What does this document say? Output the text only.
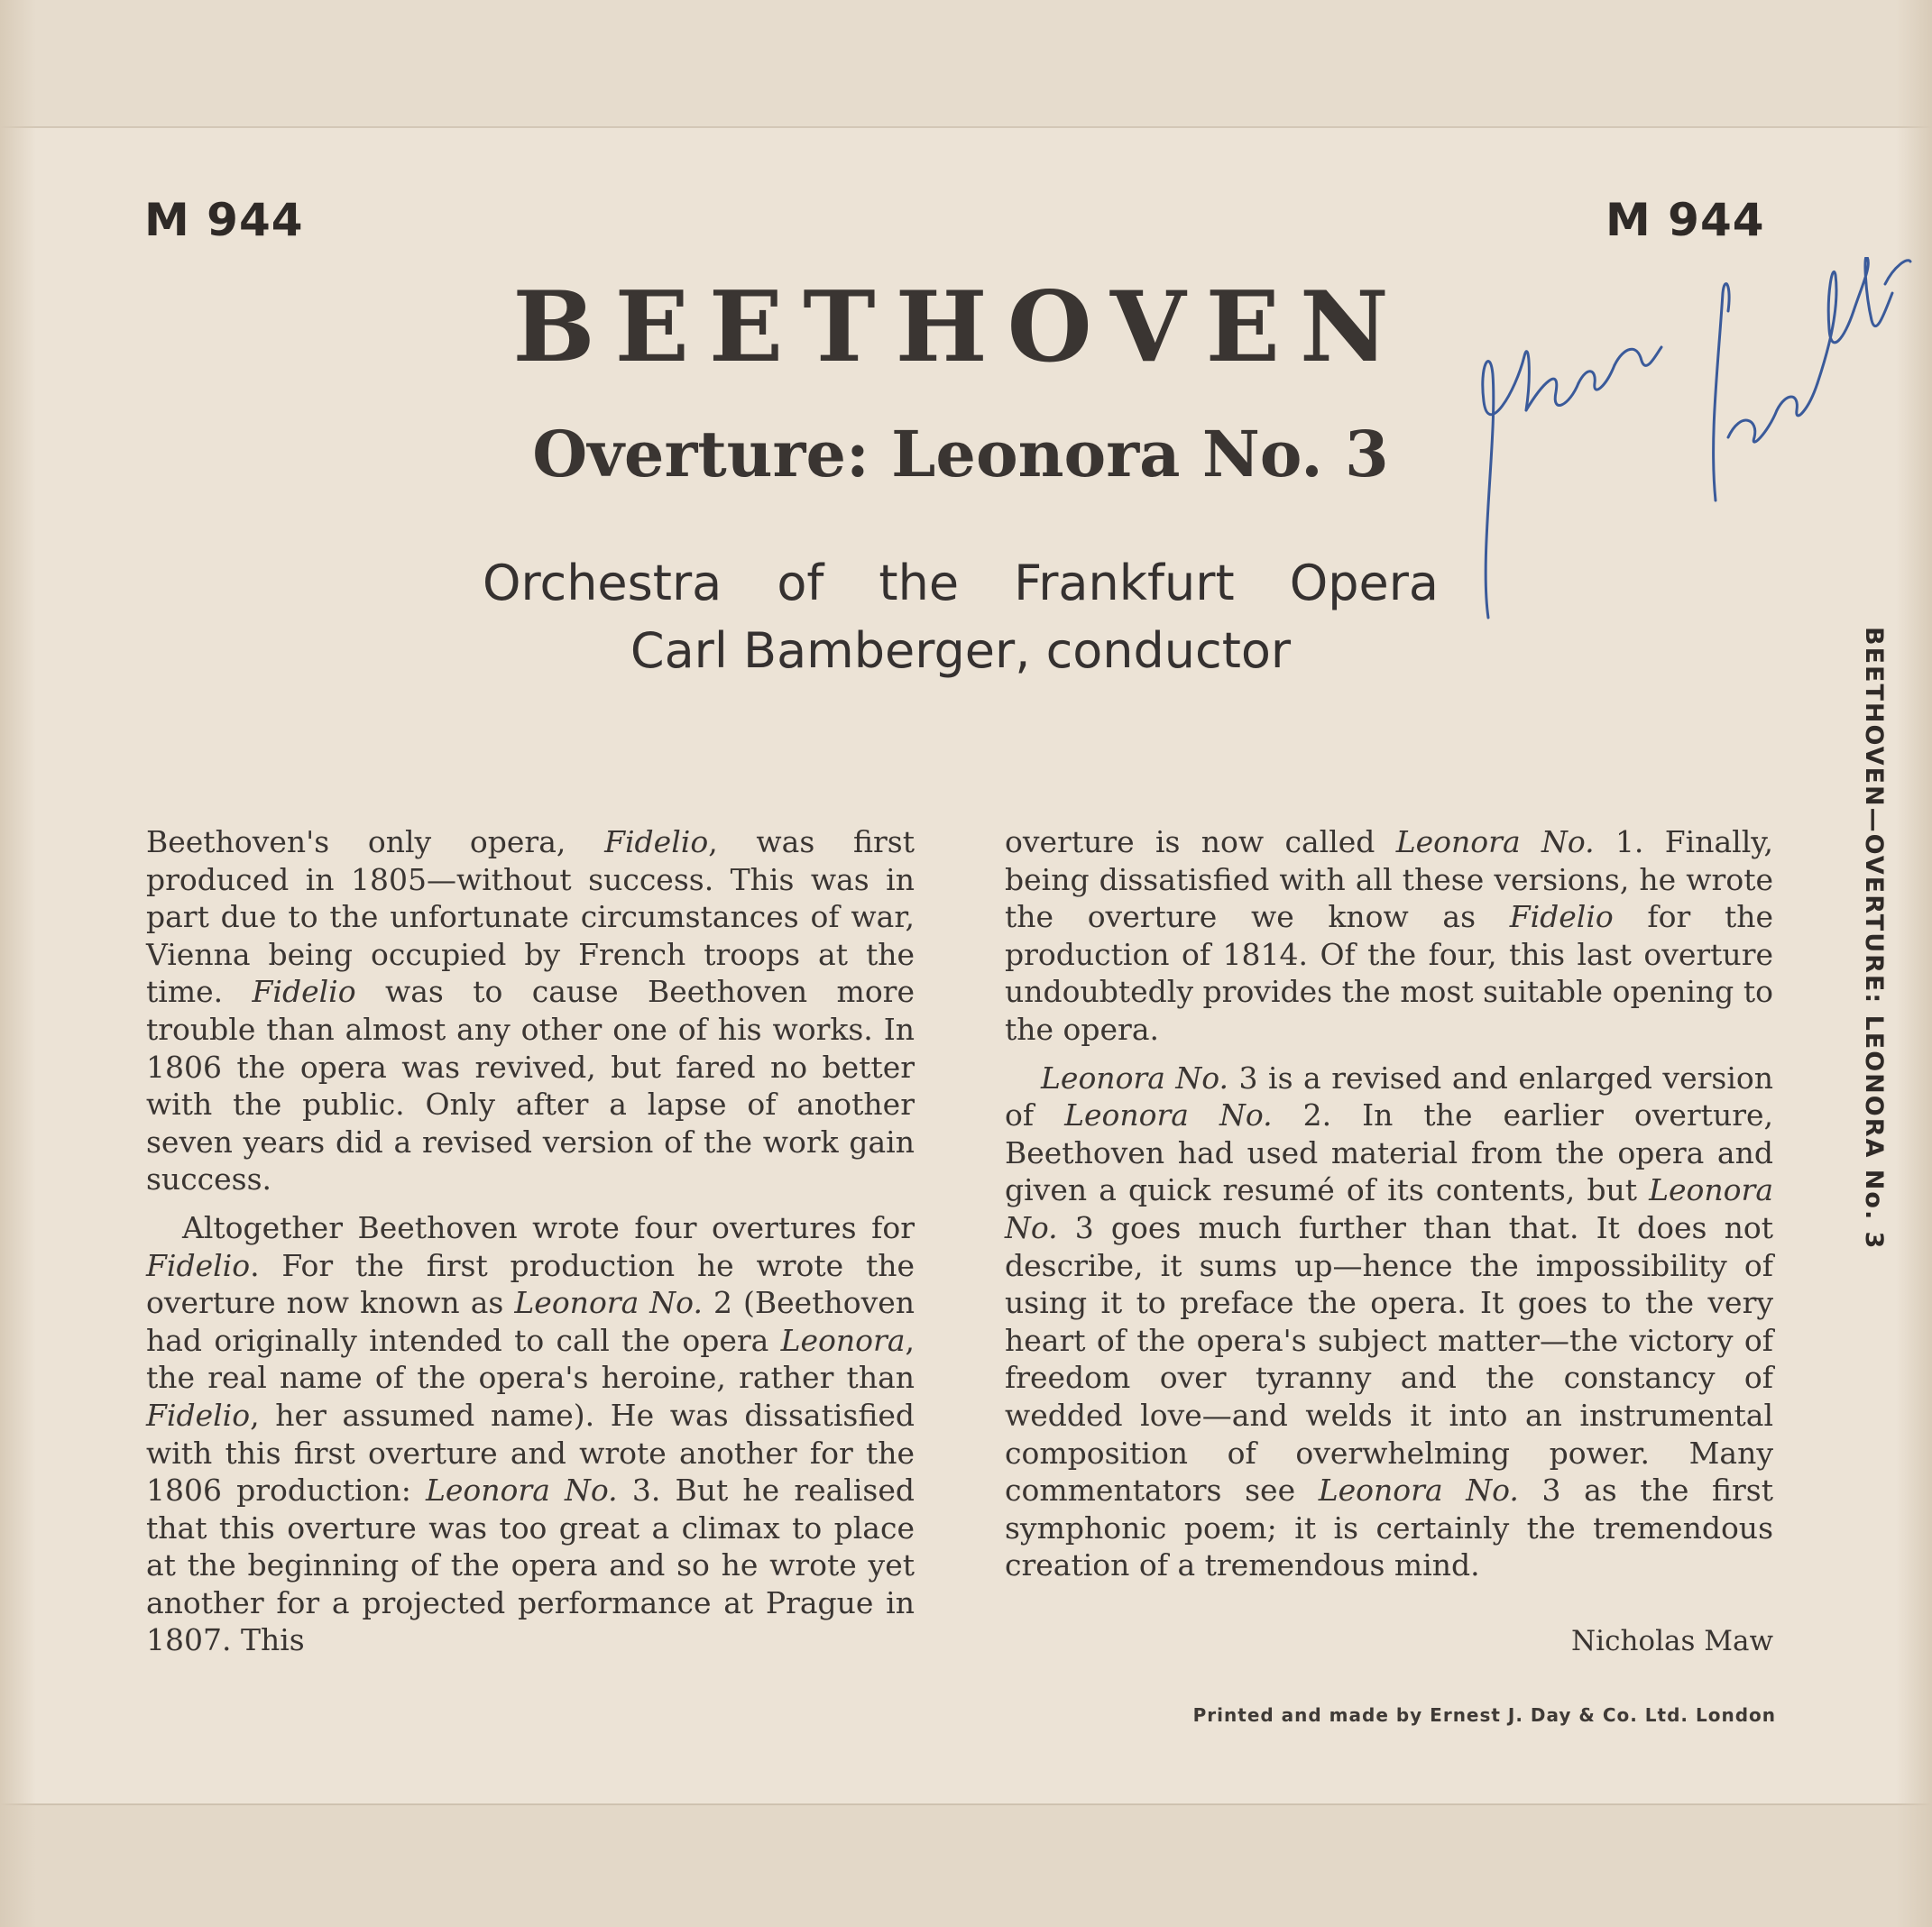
M 944	M 944
BEETHOVEN
Overture: Leonora No. 3
Orchestra of the Frankfurt Opera
Carl Bamberger, conductor

Beethoven's only opera, Fidelio, was first produced in 1805—without success. This was in part due to the unfortunate circumstances of war, Vienna being occupied by French troops at the time. Fidelio was to cause Beethoven more trouble than almost any other one of his works. In 1806 the opera was revived, but fared no better with the public. Only after a lapse of another seven years did a revised version of the work gain success.

Altogether Beethoven wrote four overtures for Fidelio. For the first production he wrote the overture now known as Leonora No. 2 (Beethoven had originally intended to call the opera Leonora, the real name of the opera's heroine, rather than Fidelio, her assumed name). He was dissatisfied with this first overture and wrote another for the 1806 production: Leonora No. 3. But he realised that this overture was too great a climax to place at the beginning of the opera and so he wrote yet another for a projected performance at Prague in 1807. This

overture is now called Leonora No. 1. Finally, being dissatisfied with all these versions, he wrote the overture we know as Fidelio for the production of 1814. Of the four, this last overture undoubtedly provides the most suitable opening to the opera.

Leonora No. 3 is a revised and enlarged version of Leonora No. 2. In the earlier overture, Beethoven had used material from the opera and given a quick resumé of its contents, but Leonora No. 3 goes much further than that. It does not describe, it sums up—hence the impossibility of using it to preface the opera. It goes to the very heart of the opera's subject matter—the victory of freedom over tyranny and the constancy of wedded love—and welds it into an instrumental composition of overwhelming power. Many commentators see Leonora No. 3 as the first symphonic poem; it is certainly the tremendous creation of a tremendous mind.

Nicholas Maw
Printed and made by Ernest J. Day & Co. Ltd. London
BEETHOVEN—OVERTURE: LEONORA No. 3
